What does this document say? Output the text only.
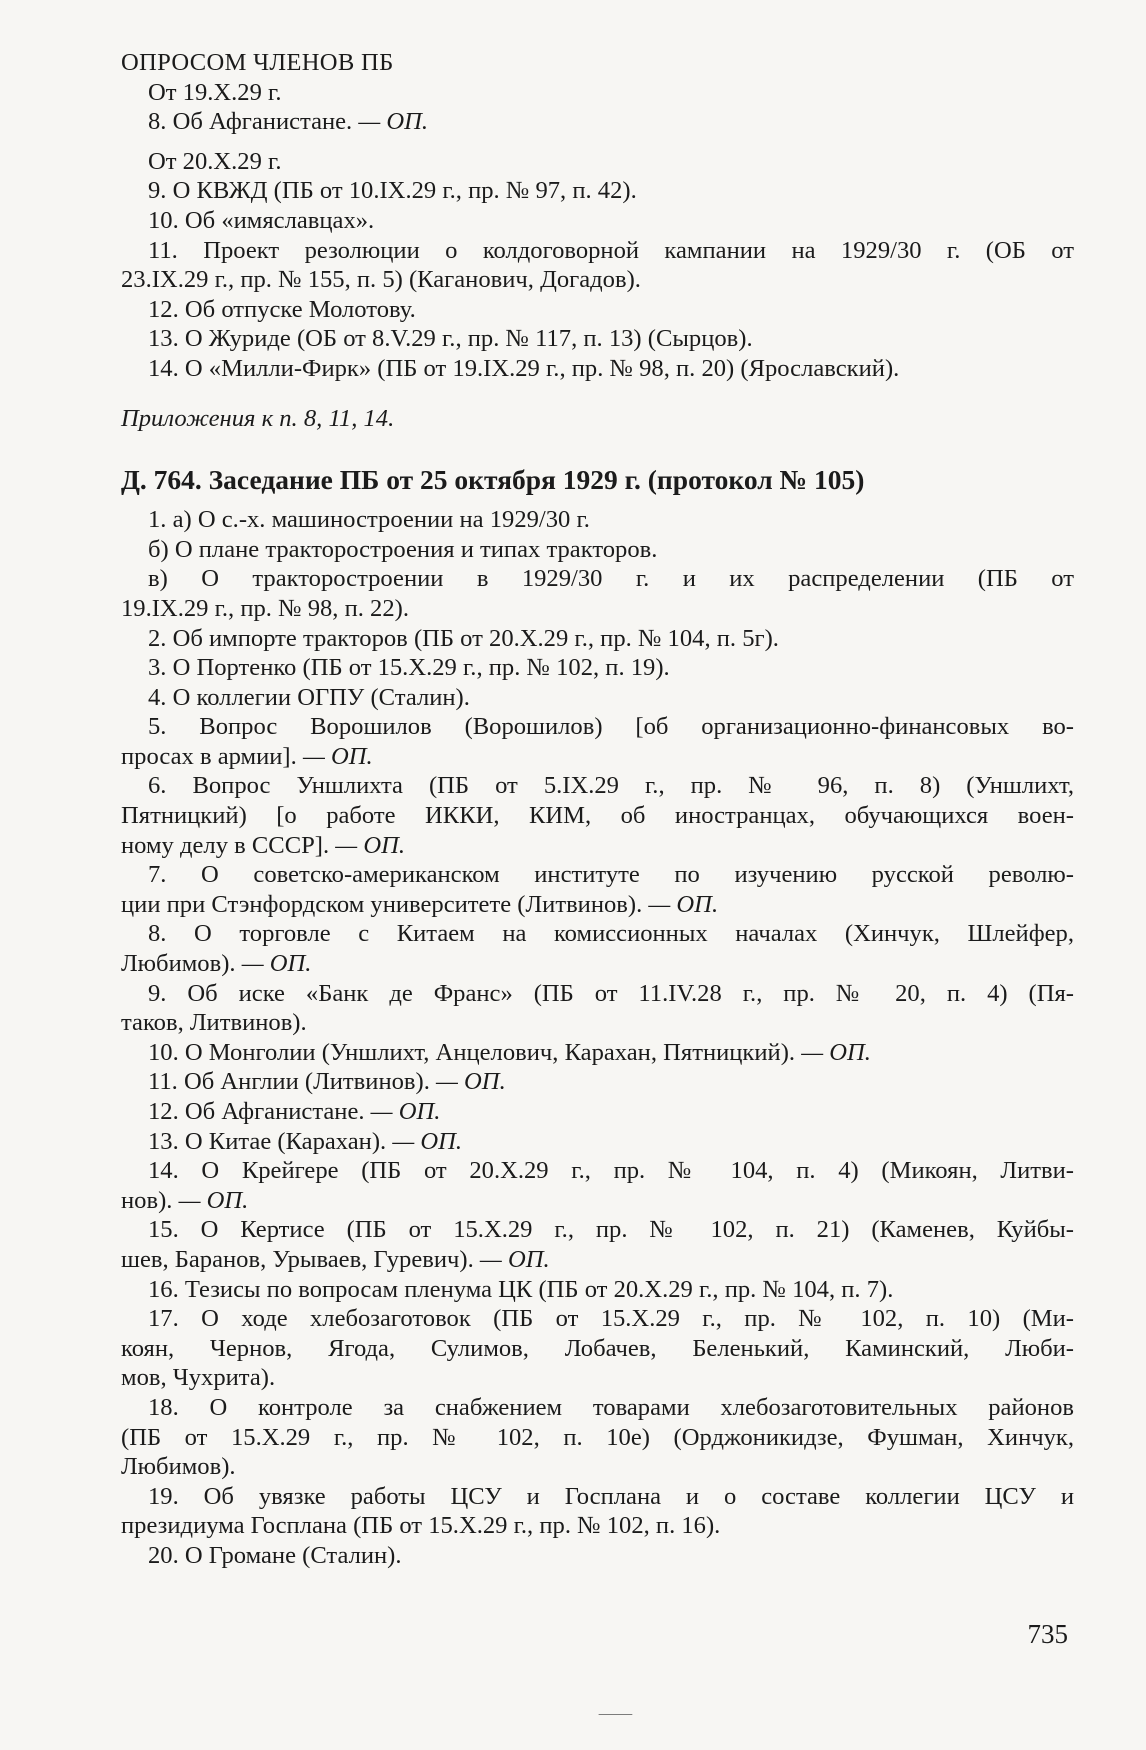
ОПРОСОМ ЧЛЕНОВ ПБ

От 19.X.29 г.

8. Об Афганистане. — ОП.

От 20.X.29 г.

9. О КВЖД (ПБ от 10.IX.29 г., пр. № 97, п. 42).

10. Об «имяславцах».

11. Проект резолюции о колдоговорной кампании на 1929/30 г. (ОБ от

23.IX.29 г., пр. № 155, п. 5) (Каганович, Догадов).

12. Об отпуске Молотову.

13. О Журиде (ОБ от 8.V.29 г., пр. № 117, п. 13) (Сырцов).

14. О «Милли-Фирк» (ПБ от 19.IX.29 г., пр. № 98, п. 20) (Ярославский).

Приложения к п. 8, 11, 14.

Д. 764. Заседание ПБ от 25 октября 1929 г. (протокол № 105)

1. а) О с.-х. машиностроении на 1929/30 г.

б) О плане тракторостроения и типах тракторов.

в) О тракторостроении в 1929/30 г. и их распределении (ПБ от

19.IX.29 г., пр. № 98, п. 22).

2. Об импорте тракторов (ПБ от 20.X.29 г., пр. № 104, п. 5г).

3. О Портенко (ПБ от 15.X.29 г., пр. № 102, п. 19).

4. О коллегии ОГПУ (Сталин).

5. Вопрос Ворошилов (Ворошилов) [об организационно-финансовых во-

просах в армии]. — ОП.

6. Вопрос Уншлихта (ПБ от 5.IX.29 г., пр. № 96, п. 8) (Уншлихт,

Пятницкий) [о работе ИККИ, КИМ, об иностранцах, обучающихся воен-

ному делу в СССР]. — ОП.

7. О советско-американском институте по изучению русской револю-

ции при Стэнфордском университете (Литвинов). — ОП.

8. О торговле с Китаем на комиссионных началах (Хинчук, Шлейфер,

Любимов). — ОП.

9. Об иске «Банк де Франс» (ПБ от 11.IV.28 г., пр. № 20, п. 4) (Пя-

таков, Литвинов).

10. О Монголии (Уншлихт, Анцелович, Карахан, Пятницкий). — ОП.

11. Об Англии (Литвинов). — ОП.

12. Об Афганистане. — ОП.

13. О Китае (Карахан). — ОП.

14. О Крейгере (ПБ от 20.X.29 г., пр. № 104, п. 4) (Микоян, Литви-

нов). — ОП.

15. О Кертисе (ПБ от 15.X.29 г., пр. № 102, п. 21) (Каменев, Куйбы-

шев, Баранов, Урываев, Гуревич). — ОП.

16. Тезисы по вопросам пленума ЦК (ПБ от 20.X.29 г., пр. № 104, п. 7).

17. О ходе хлебозаготовок (ПБ от 15.X.29 г., пр. № 102, п. 10) (Ми-

коян, Чернов, Ягода, Сулимов, Лобачев, Беленький, Каминский, Люби-

мов, Чухрита).

18. О контроле за снабжением товарами хлебозаготовительных районов

(ПБ от 15.X.29 г., пр. № 102, п. 10е) (Орджоникидзе, Фушман, Хинчук,

Любимов).

19. Об увязке работы ЦСУ и Госплана и о составе коллегии ЦСУ и

президиума Госплана (ПБ от 15.X.29 г., пр. № 102, п. 16).

20. О Громане (Сталин).

735
⸻
